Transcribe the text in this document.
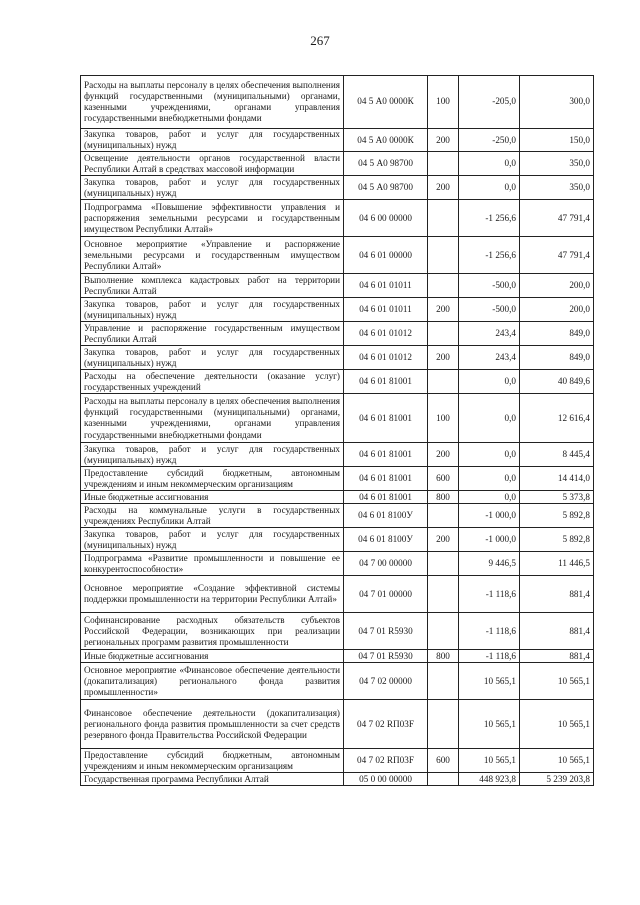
267
Расходы на выплаты персоналу в целях обеспечения выполнения функций государственными (муниципальными) органами, казенными учреждениями, органами управления государственными внебюджетными фондами	04 5 А0 0000К	100	-205,0	300,0
Закупка товаров, работ и услуг для государственных (муниципальных) нужд	04 5 А0 0000К	200	-250,0	150,0
Освещение деятельности органов государственной власти Республики Алтай в средствах массовой информации	04 5 А0 98700		0,0	350,0
Закупка товаров, работ и услуг для государственных (муниципальных) нужд	04 5 А0 98700	200	0,0	350,0
Подпрограмма «Повышение эффективности управления и распоряжения земельными ресурсами и государственным имуществом Республики Алтай»	04 6 00 00000		-1 256,6	47 791,4
Основное мероприятие «Управление и распоряжение земельными ресурсами и государственным имуществом Республики Алтай»	04 6 01 00000		-1 256,6	47 791,4
Выполнение комплекса кадастровых работ на территории Республики Алтай	04 6 01 01011		-500,0	200,0
Закупка товаров, работ и услуг для государственных (муниципальных) нужд	04 6 01 01011	200	-500,0	200,0
Управление и распоряжение государственным имуществом Республики Алтай	04 6 01 01012		243,4	849,0
Закупка товаров, работ и услуг для государственных (муниципальных) нужд	04 6 01 01012	200	243,4	849,0
Расходы на обеспечение деятельности (оказание услуг) государственных учреждений	04 6 01 81001		0,0	40 849,6
Расходы на выплаты персоналу в целях обеспечения выполнения функций государственными (муниципальными) органами, казенными учреждениями, органами управления государственными внебюджетными фондами	04 6 01 81001	100	0,0	12 616,4
Закупка товаров, работ и услуг для государственных (муниципальных) нужд	04 6 01 81001	200	0,0	8 445,4
Предоставление субсидий бюджетным, автономным учреждениям и иным некоммерческим организациям	04 6 01 81001	600	0,0	14 414,0
Иные бюджетные ассигнования	04 6 01 81001	800	0,0	5 373,8
Расходы на коммунальные услуги в государственных учреждениях Республики Алтай	04 6 01 8100У		-1 000,0	5 892,8
Закупка товаров, работ и услуг для государственных (муниципальных) нужд	04 6 01 8100У	200	-1 000,0	5 892,8
Подпрограмма «Развитие промышленности и повышение ее конкурентоспособности»	04 7 00 00000		9 446,5	11 446,5
Основное мероприятие «Создание эффективной системы поддержки промышленности на территории Республики Алтай»	04 7 01 00000		-1 118,6	881,4
Софинансирование расходных обязательств субъектов Российской Федерации, возникающих при реализации региональных программ развития промышленности	04 7 01 R5930		-1 118,6	881,4
Иные бюджетные ассигнования	04 7 01 R5930	800	-1 118,6	881,4
Основное мероприятие «Финансовое обеспечение деятельности (докапитализация) регионального фонда развития промышленности»	04 7 02 00000		10 565,1	10 565,1
Финансовое обеспечение деятельности (докапитализация) регионального фонда развития промышленности за счет средств резервного фонда Правительства Российской Федерации	04 7 02 RП03F		10 565,1	10 565,1
Предоставление субсидий бюджетным, автономным учреждениям и иным некоммерческим организациям	04 7 02 RП03F	600	10 565,1	10 565,1
Государственная программа Республики Алтай	05 0 00 00000		448 923,8	5 239 203,8
